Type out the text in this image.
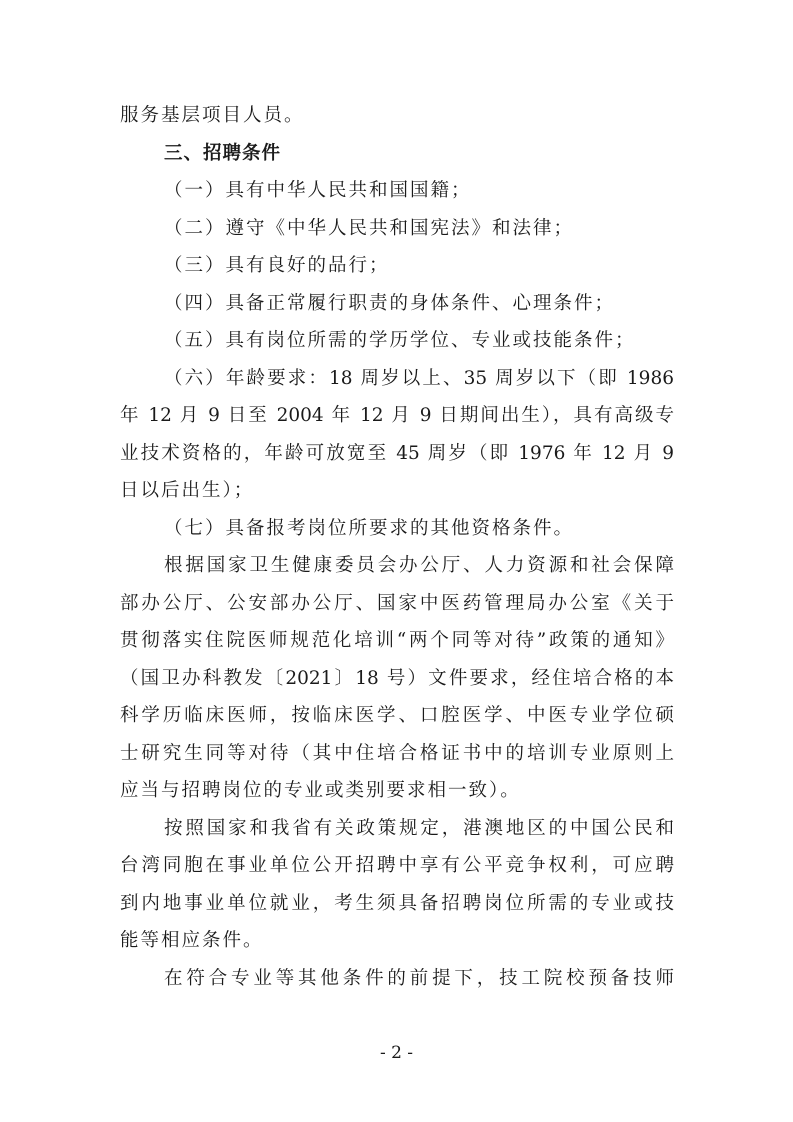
服务基层项目人员。

三、招聘条件

（一）具有中华人民共和国国籍；

（二）遵守《中华人民共和国宪法》和法律；

（三）具有良好的品行；

（四）具备正常履行职责的身体条件、心理条件；

（五）具有岗位所需的学历学位、专业或技能条件；

（六）年龄要求：18 周岁以上、35 周岁以下（即 1986

年 12 月 9 日至 2004 年 12 月 9 日期间出生），具有高级专

业技术资格的，年龄可放宽至 45 周岁（即 1976 年 12 月 9

日以后出生）；

（七）具备报考岗位所要求的其他资格条件。

根据国家卫生健康委员会办公厅、人力资源和社会保障

部办公厅、公安部办公厅、国家中医药管理局办公室《关于

贯彻落实住院医师规范化培训“两个同等对待”政策的通知》

（国卫办科教发〔2021〕18 号）文件要求，经住培合格的本

科学历临床医师，按临床医学、口腔医学、中医专业学位硕

士研究生同等对待（其中住培合格证书中的培训专业原则上

应当与招聘岗位的专业或类别要求相一致）。

按照国家和我省有关政策规定，港澳地区的中国公民和

台湾同胞在事业单位公开招聘中享有公平竞争权利，可应聘

到内地事业单位就业，考生须具备招聘岗位所需的专业或技

能等相应条件。

在符合专业等其他条件的前提下，技工院校预备技师

- 2 -
